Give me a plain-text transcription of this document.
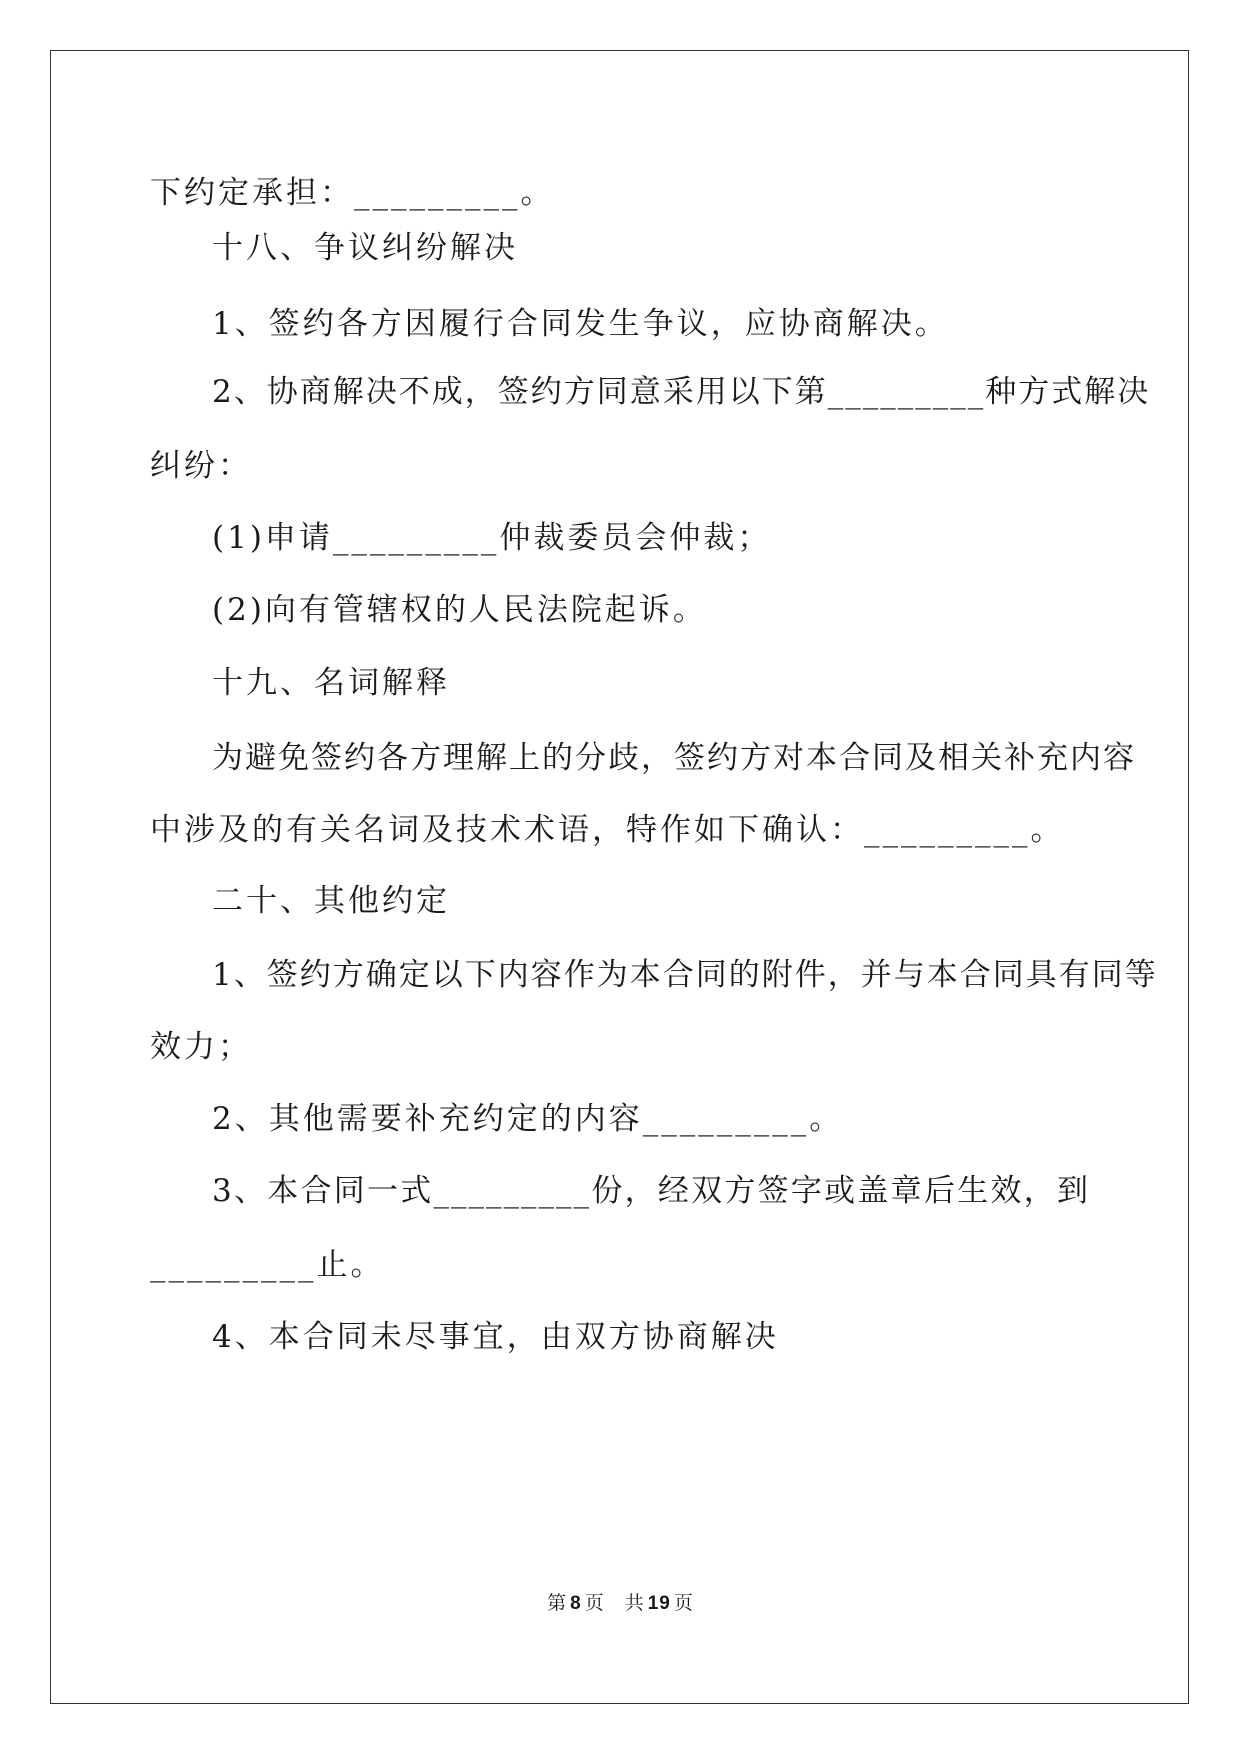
下约定承担：_________。
十八、争议纠纷解决
1、签约各方因履行合同发生争议，应协商解决。
2、协商解决不成，签约方同意采用以下第_________种方式解决
纠纷：
(1)申请_________仲裁委员会仲裁；
(2)向有管辖权的人民法院起诉。
十九、名词解释
为避免签约各方理解上的分歧，签约方对本合同及相关补充内容
中涉及的有关名词及技术术语，特作如下确认：_________。
二十、其他约定
1、签约方确定以下内容作为本合同的附件，并与本合同具有同等
效力；
2、其他需要补充约定的内容_________。
3、本合同一式_________份，经双方签字或盖章后生效，到
_________止。
4、本合同未尽事宜，由双方协商解决
第 8 页 共 19 页
